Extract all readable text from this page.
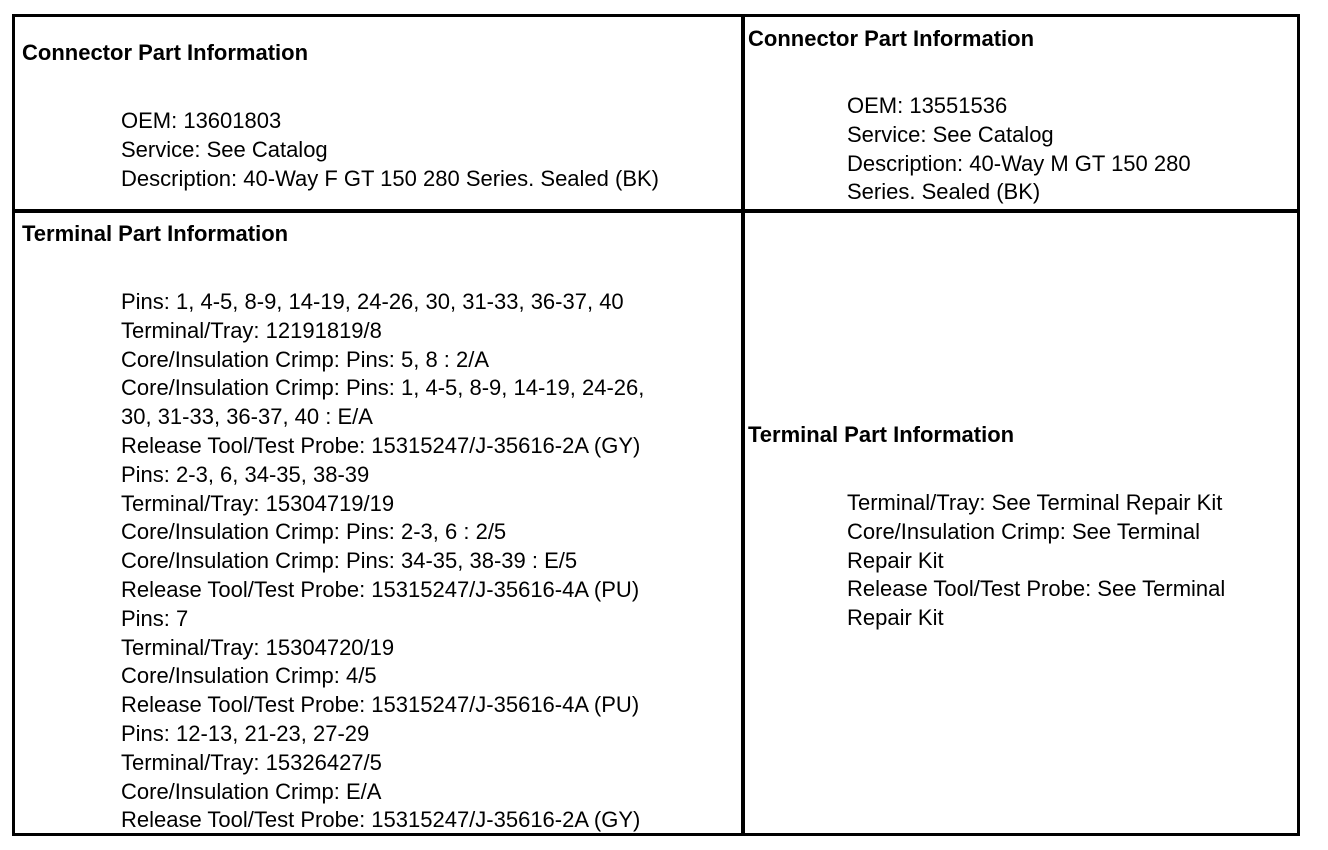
Connector Part Information
OEM: 13601803
Service: See Catalog
Description: 40-Way F GT 150 280 Series. Sealed (BK)
Connector Part Information
OEM: 13551536
Service: See Catalog
Description: 40-Way M GT 150 280
Series. Sealed (BK)
Terminal Part Information
Pins: 1, 4-5, 8-9, 14-19, 24-26, 30, 31-33, 36-37, 40
Terminal/Tray: 12191819/8
Core/Insulation Crimp: Pins: 5, 8 : 2/A
Core/Insulation Crimp: Pins: 1, 4-5, 8-9, 14-19, 24-26,
30, 31-33, 36-37, 40 : E/A
Release Tool/Test Probe: 15315247/J-35616-2A (GY)
Pins: 2-3, 6, 34-35, 38-39
Terminal/Tray: 15304719/19
Core/Insulation Crimp: Pins: 2-3, 6 : 2/5
Core/Insulation Crimp: Pins: 34-35, 38-39 : E/5
Release Tool/Test Probe: 15315247/J-35616-4A (PU)
Pins: 7
Terminal/Tray: 15304720/19
Core/Insulation Crimp: 4/5
Release Tool/Test Probe: 15315247/J-35616-4A (PU)
Pins: 12-13, 21-23, 27-29
Terminal/Tray: 15326427/5
Core/Insulation Crimp: E/A
Release Tool/Test Probe: 15315247/J-35616-2A (GY)
Terminal Part Information
Terminal/Tray: See Terminal Repair Kit
Core/Insulation Crimp: See Terminal
Repair Kit
Release Tool/Test Probe: See Terminal
Repair Kit
